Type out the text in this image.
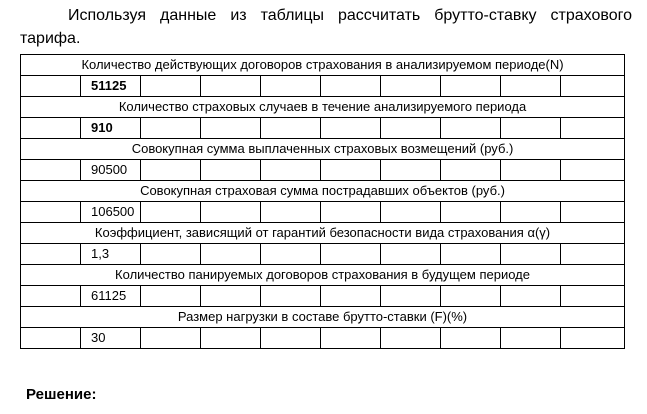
Используя данные из таблицы рассчитать брутто-ставку страхового тарифа.

Количество действующих договоров страхования в анализируемом периоде(N)									
	51125								
Количество страховых случаев в течение анализируемого периода									
	910								
Совокупная сумма выплаченных страховых возмещений (руб.)									
	90500								
Совокупная страховая сумма пострадавших объектов (руб.)									
	106500								
Коэффициент, зависящий от гарантий безопасности вида страхования α(γ)									
	1,3								
Количество панируемых договоров страхования в будущем периоде									
	61125								
Размер нагрузки в составе брутто-ставки (F)(%)									
	30								

Решение:
